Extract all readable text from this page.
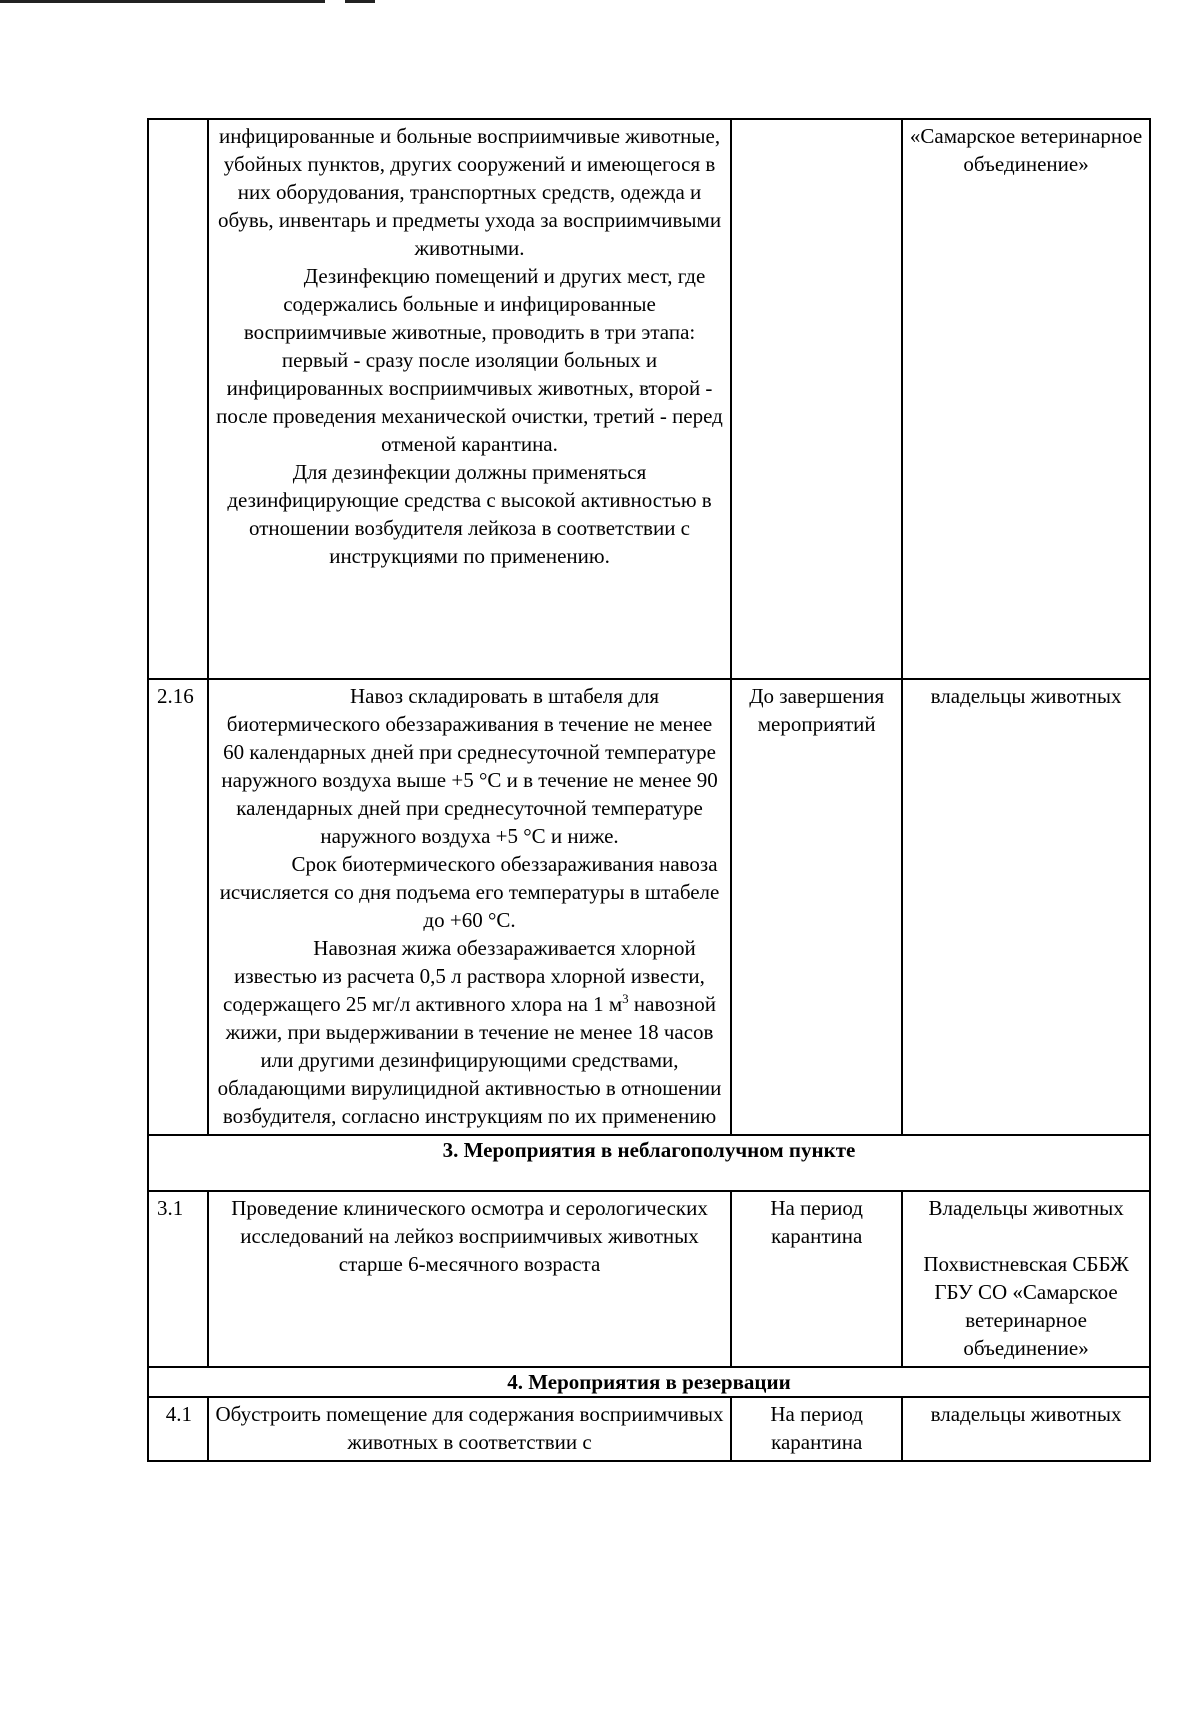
	инфицированные и больные восприимчивые животные, убойных пунктов, других сооружений и имеющегося в них оборудования, транспортных средств, одежда и обувь, инвентарь и предметы ухода за восприимчивыми животными.

Дезинфекцию помещений и других мест, где содержались больные и инфицированные восприимчивые животные, проводить в три этапа: первый - сразу после изоляции больных и инфицированных восприимчивых животных, второй - после проведения механической очистки, третий - перед отменой карантина.

Для дезинфекции должны применяться дезинфицирующие средства с высокой активностью в отношении возбудителя лейкоза в соответствии с инструкциями по применению.		«Самарское ветеринарное объединение»

2.16	Навоз складировать в штабеля для биотермического обеззараживания в течение не менее 60 календарных дней при среднесуточной температуре наружного воздуха выше +5 °С и в течение не менее 90 календарных дней при среднесуточной температуре наружного воздуха +5 °С и ниже.

Срок биотермического обеззараживания навоза исчисляется со дня подъема его температуры в штабеле до +60 °С.

Навозная жижа обеззараживается хлорной известью из расчета 0,5 л раствора хлорной извести, содержащего 25 мг/л активного хлора на 1 $м^3$ навозной жижи, при выдерживании в течение не менее 18 часов или другими дезинфицирующими средствами, обладающими вирулицидной активностью в отношении возбудителя, согласно инструкциям по их применению	До завершения мероприятий	владельцы животных

3. Мероприятия в неблагополучном пункте			
3.1	Проведение клинического осмотра и серологических исследований на лейкоз восприимчивых животных старше 6-месячного возраста	На период карантина	Владельцы животных
Похвистневская СББЖ ГБУ СО «Самарское ветеринарное объединение»

4. Мероприятия в резервации			
4.1	Обустроить помещение для содержания восприимчивых животных в соответствии с	На период карантина	владельцы животных
